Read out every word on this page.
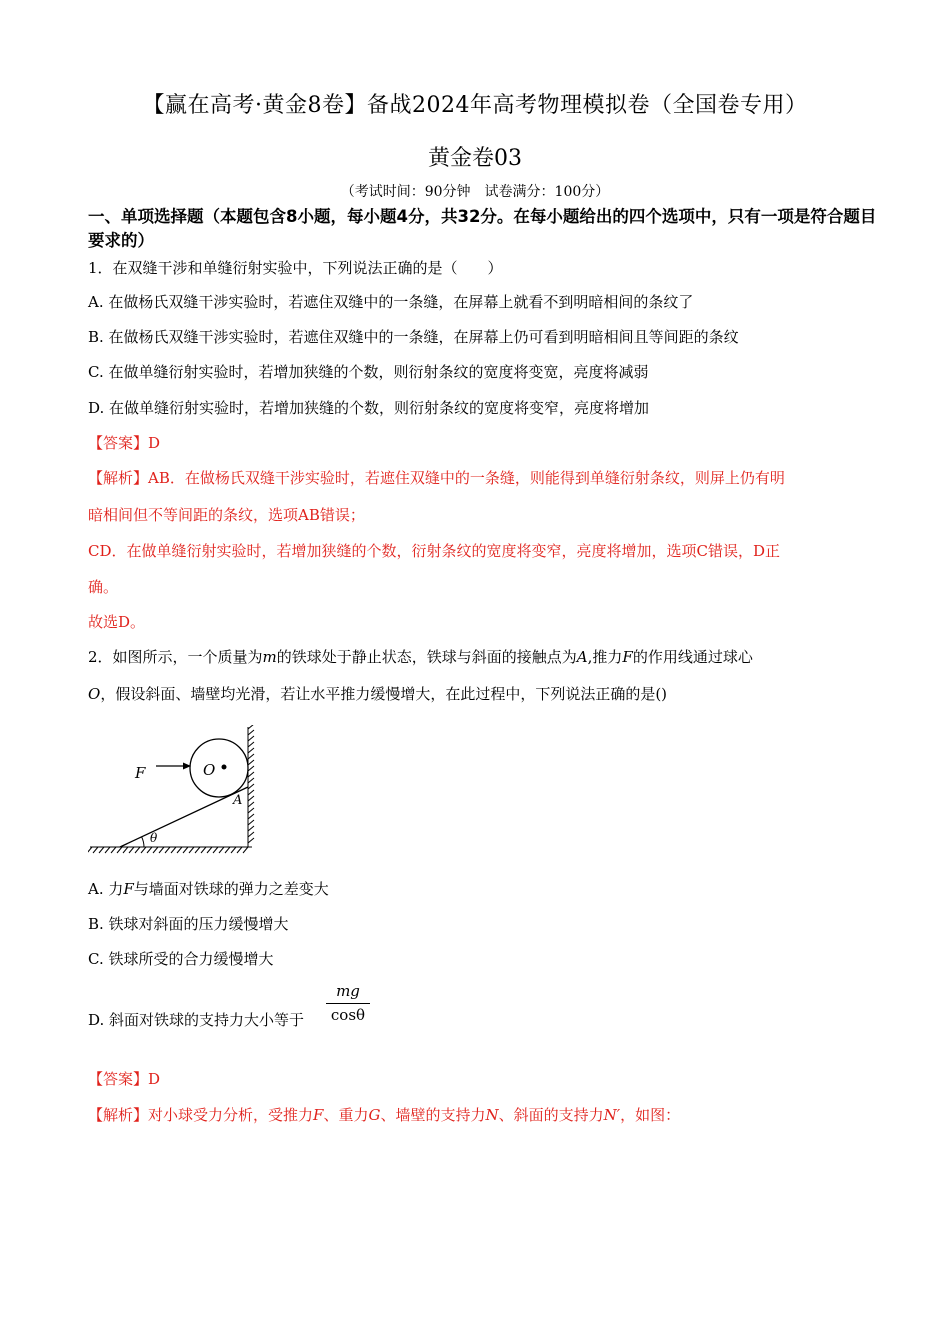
【赢在高考·黄金8卷】备战2024年高考物理模拟卷（全国卷专用）
黄金卷03
（考试时间：90分钟　试卷满分：100分）
一、单项选择题（本题包含8小题，每小题4分，共32分。在每小题给出的四个选项中，只有一项是符合题目要求的）
1．在双缝干涉和单缝衍射实验中，下列说法正确的是（　　）
A. 在做杨氏双缝干涉实验时，若遮住双缝中的一条缝，在屏幕上就看不到明暗相间的条纹了
B. 在做杨氏双缝干涉实验时，若遮住双缝中的一条缝，在屏幕上仍可看到明暗相间且等间距的条纹
C. 在做单缝衍射实验时，若增加狭缝的个数，则衍射条纹的宽度将变宽，亮度将减弱
D. 在做单缝衍射实验时，若增加狭缝的个数，则衍射条纹的宽度将变窄，亮度将增加
【答案】D
【解析】AB．在做杨氏双缝干涉实验时，若遮住双缝中的一条缝，则能得到单缝衍射条纹，则屏上仍有明
暗相间但不等间距的条纹，选项AB错误；
CD．在做单缝衍射实验时，若增加狭缝的个数，衍射条纹的宽度将变窄，亮度将增加，选项C错误，D正
确。
故选D。
2．如图所示，一个质量为m的铁球处于静止状态，铁球与斜面的接触点为A,推力F的作用线通过球心
O，假设斜面、墙壁均光滑，若让水平推力缓慢增大，在此过程中，下列说法正确的是()
F	O
A
θ
A. 力F与墙面对铁球的弹力之差变大
B. 铁球对斜面的压力缓慢增大
C. 铁球所受的合力缓慢增大
D. 斜面对铁球的支持力大小等于
mg
cosθ
【答案】D
【解析】对小球受力分析，受推力F、重力G、墙壁的支持力N、斜面的支持力N′，如图：
